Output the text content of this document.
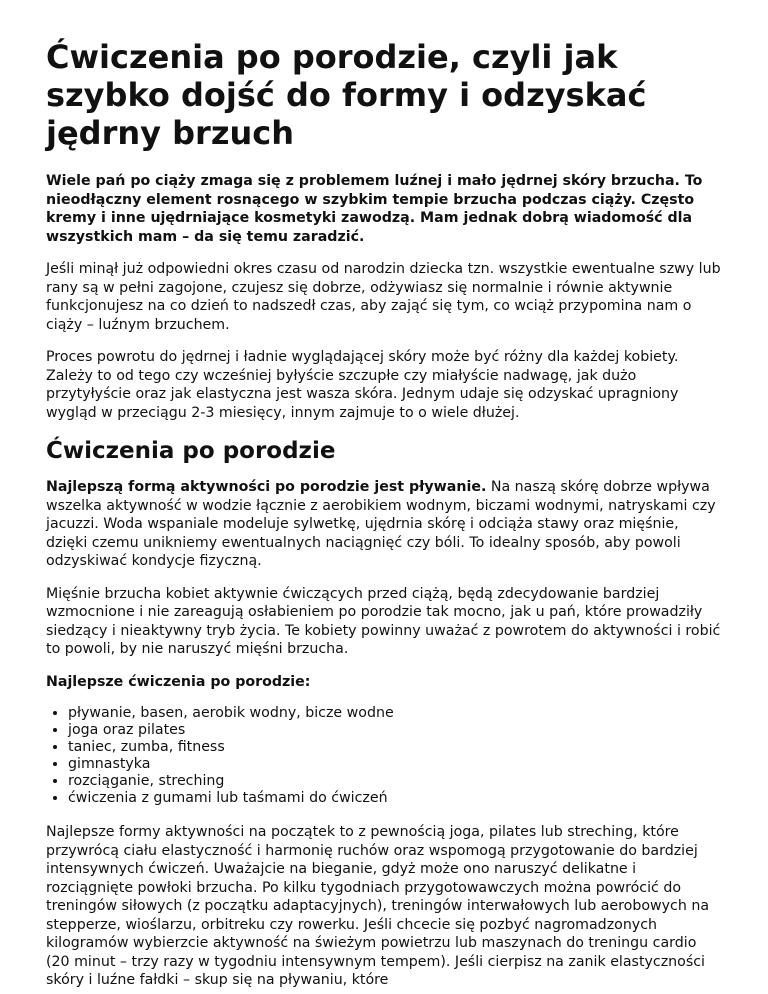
Ćwiczenia po porodzie, czyli jak szybko dojść do formy i odzyskać jędrny brzuch

Wiele pań po ciąży zmaga się z problemem luźnej i mało jędrnej skóry brzucha. To nieodłączny element rosnącego w szybkim tempie brzucha podczas ciąży. Często kremy i inne ujędrniające kosmetyki zawodzą. Mam jednak dobrą wiadomość dla wszystkich mam – da się temu zaradzić.

Jeśli minął już odpowiedni okres czasu od narodzin dziecka tzn. wszystkie ewentualne szwy lub rany są w pełni zagojone, czujesz się dobrze, odżywiasz się normalnie i równie aktywnie funkcjonujesz na co dzień to nadszedł czas, aby zająć się tym, co wciąż przypomina nam o ciąży – luźnym brzuchem.

Proces powrotu do jędrnej i ładnie wyglądającej skóry może być różny dla każdej kobiety. Zależy to od tego czy wcześniej byłyście szczupłe czy miałyście nadwagę, jak dużo przytyłyście oraz jak elastyczna jest wasza skóra. Jednym udaje się odzyskać upragniony wygląd w przeciągu 2-3 miesięcy, innym zajmuje to o wiele dłużej.

Ćwiczenia po porodzie

Najlepszą formą aktywności po porodzie jest pływanie. Na naszą skórę dobrze wpływa wszelka aktywność w wodzie łącznie z aerobikiem wodnym, biczami wodnymi, natryskami czy jacuzzi. Woda wspaniale modeluje sylwetkę, ujędrnia skórę i odciąża stawy oraz mięśnie, dzięki czemu unikniemy ewentualnych naciągnięć czy bóli. To idealny sposób, aby powoli odzyskiwać kondycje fizyczną.

Mięśnie brzucha kobiet aktywnie ćwiczących przed ciążą, będą zdecydowanie bardziej wzmocnione i nie zareagują osłabieniem po porodzie tak mocno, jak u pań, które prowadziły siedzący i nieaktywny tryb życia. Te kobiety powinny uważać z powrotem do aktywności i robić to powoli, by nie naruszyć mięśni brzucha.

Najlepsze ćwiczenia po porodzie:

• pływanie, basen, aerobik wodny, bicze wodne
• joga oraz pilates
• taniec, zumba, fitness
• gimnastyka
• rozciąganie, streching
• ćwiczenia z gumami lub taśmami do ćwiczeń

Najlepsze formy aktywności na początek to z pewnością joga, pilates lub streching, które przywrócą ciału elastyczność i harmonię ruchów oraz wspomogą przygotowanie do bardziej intensywnych ćwiczeń. Uważajcie na bieganie, gdyż może ono naruszyć delikatne i rozciągnięte powłoki brzucha. Po kilku tygodniach przygotowawczych można powrócić do treningów siłowych (z początku adaptacyjnych), treningów interwałowych lub aerobowych na stepperze, wioślarzu, orbitreku czy rowerku. Jeśli chcecie się pozbyć nagromadzonych kilogramów wybierzcie aktywność na świeżym powietrzu lub maszynach do treningu cardio (20 minut – trzy razy w tygodniu intensywnym tempem). Jeśli cierpisz na zanik elastyczności skóry i luźne fałdki – skup się na pływaniu, które
